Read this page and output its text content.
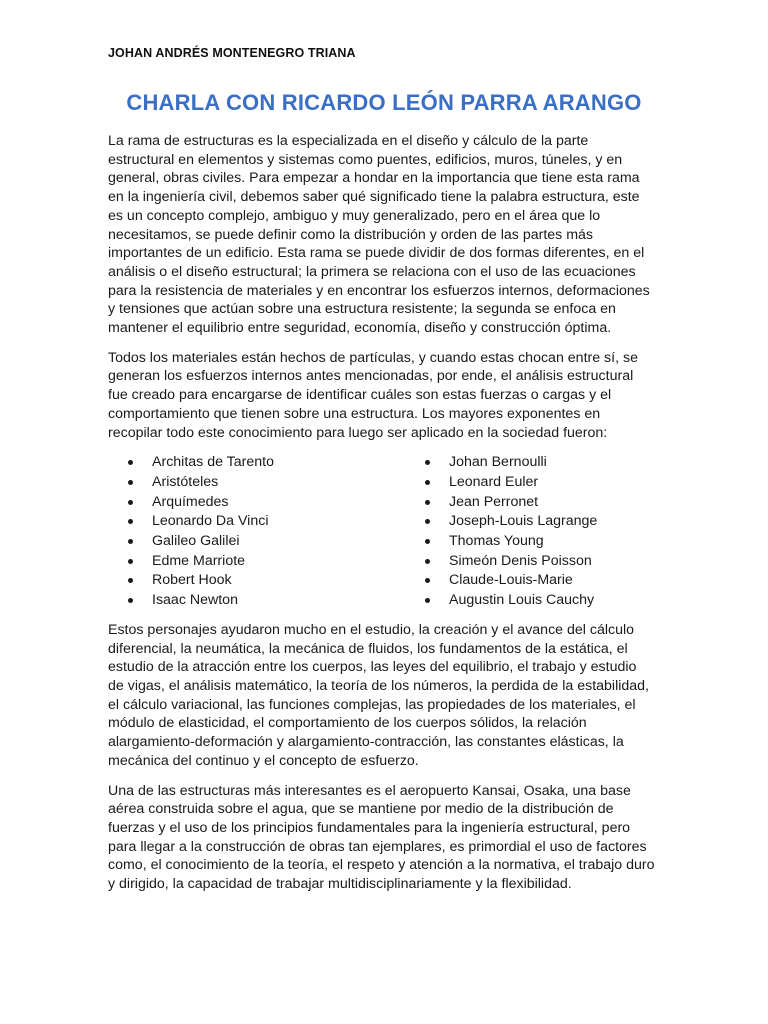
JOHAN ANDRÉS MONTENEGRO TRIANA
CHARLA CON RICARDO LEÓN PARRA ARANGO

La rama de estructuras es la especializada en el diseño y cálculo de la parte estructural en elementos y sistemas como puentes, edificios, muros, túneles, y en general, obras civiles. Para empezar a hondar en la importancia que tiene esta rama en la ingeniería civil, debemos saber qué significado tiene la palabra estructura, este es un concepto complejo, ambiguo y muy generalizado, pero en el área que lo necesitamos, se puede definir como la distribución y orden de las partes más importantes de un edificio. Esta rama se puede dividir de dos formas diferentes, en el análisis o el diseño estructural; la primera se relaciona con el uso de las ecuaciones para la resistencia de materiales y en encontrar los esfuerzos internos, deformaciones y tensiones que actúan sobre una estructura resistente; la segunda se enfoca en mantener el equilibrio entre seguridad, economía, diseño y construcción óptima.

Todos los materiales están hechos de partículas, y cuando estas chocan entre sí, se generan los esfuerzos internos antes mencionadas, por ende, el análisis estructural fue creado para encargarse de identificar cuáles son estas fuerzas o cargas y el comportamiento que tienen sobre una estructura. Los mayores exponentes en recopilar todo este conocimiento para luego ser aplicado en la sociedad fueron:

Architas de Tarento
Aristóteles
Arquímedes
Leonardo Da Vinci
Galileo Galilei
Edme Marriote
Robert Hook
Isaac Newton
Johan Bernoulli
Leonard Euler
Jean Perronet
Joseph-Louis Lagrange
Thomas Young
Simeón Denis Poisson
Claude-Louis-Marie
Augustin Louis Cauchy

Estos personajes ayudaron mucho en el estudio, la creación y el avance del cálculo diferencial, la neumática, la mecánica de fluidos, los fundamentos de la estática, el estudio de la atracción entre los cuerpos, las leyes del equilibrio, el trabajo y estudio de vigas, el análisis matemático, la teoría de los números, la perdida de la estabilidad, el cálculo variacional, las funciones complejas, las propiedades de los materiales, el módulo de elasticidad, el comportamiento de los cuerpos sólidos, la relación alargamiento-deformación y alargamiento-contracción, las constantes elásticas, la mecánica del continuo y el concepto de esfuerzo.

Una de las estructuras más interesantes es el aeropuerto Kansai, Osaka, una base aérea construida sobre el agua, que se mantiene por medio de la distribución de fuerzas y el uso de los principios fundamentales para la ingeniería estructural, pero para llegar a la construcción de obras tan ejemplares, es primordial el uso de factores como, el conocimiento de la teoría, el respeto y atención a la normativa, el trabajo duro y dirigido, la capacidad de trabajar multidisciplinariamente y la flexibilidad.
